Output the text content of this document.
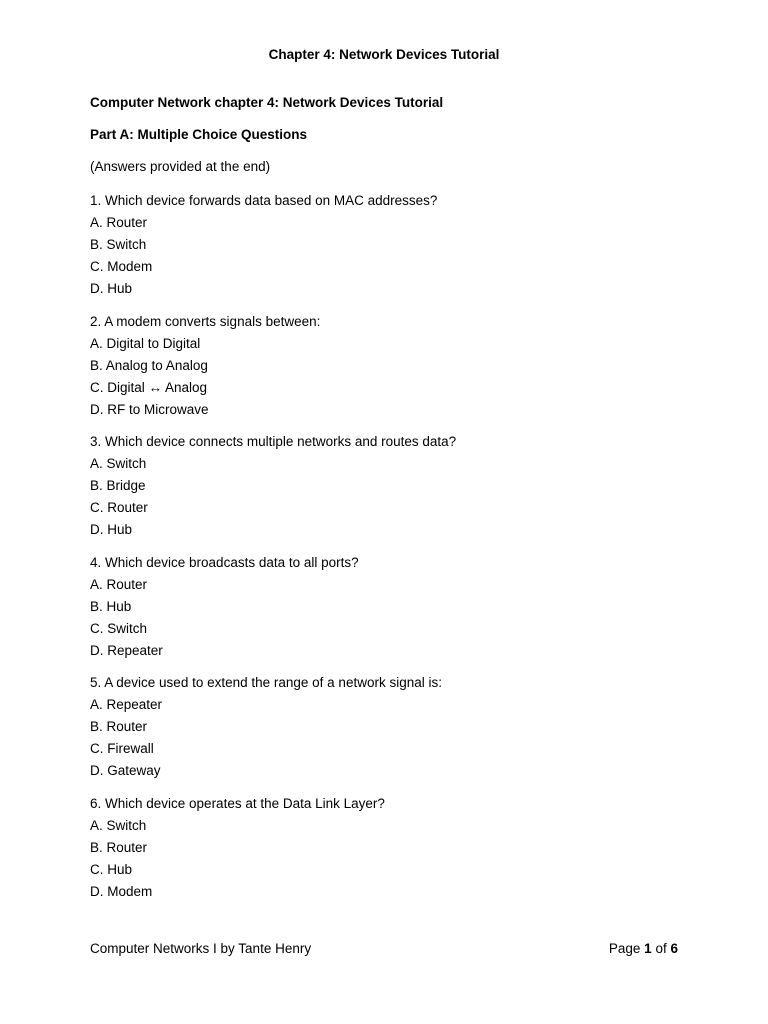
Chapter 4: Network Devices Tutorial

Computer Network chapter 4: Network Devices Tutorial

Part A: Multiple Choice Questions

(Answers provided at the end)

1. Which device forwards data based on MAC addresses?
A. Router
B. Switch
C. Modem
D. Hub
2. A modem converts signals between:
A. Digital to Digital
B. Analog to Analog
C. Digital ↔ Analog
D. RF to Microwave
3. Which device connects multiple networks and routes data?
A. Switch
B. Bridge
C. Router
D. Hub
4. Which device broadcasts data to all ports?
A. Router
B. Hub
C. Switch
D. Repeater
5. A device used to extend the range of a network signal is:
A. Repeater
B. Router
C. Firewall
D. Gateway
6. Which device operates at the Data Link Layer?
A. Switch
B. Router
C. Hub
D. Modem
Computer Networks I by Tante Henry	Page 1 of 6
